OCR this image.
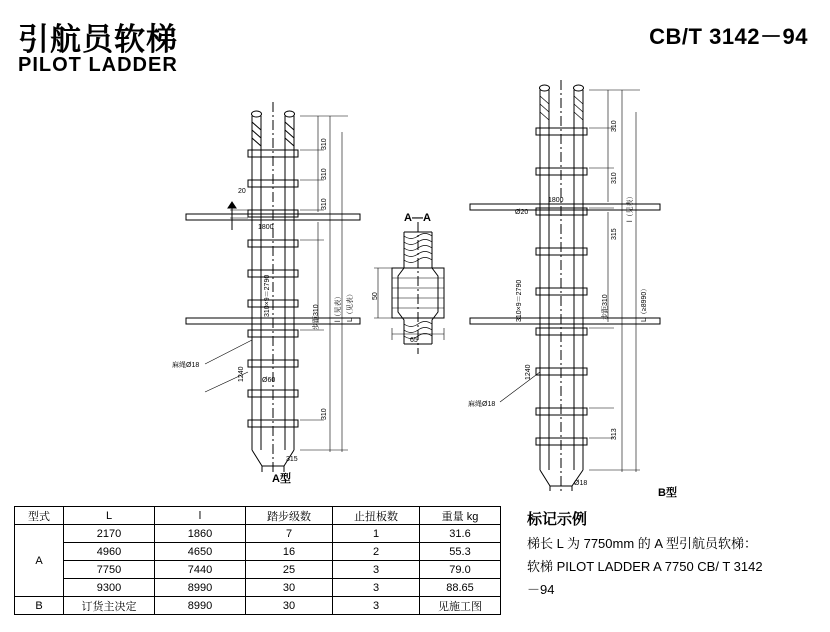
引航员软梯
PILOT LADDER
CB/T 3142－94
310
310
310
20
1800
310×9＝2790	l（见表） L（见表）
步距310
1240
310
315
Ø60
麻绳Ø18
A型
A—A
50
65
Ø20
310
310
1800
315
310×9＝2790	L（≥8990）
l（见表）
步距310
1240
313
麻绳Ø18
Ø18
B型
型式	L	l	踏步级数	止扭板数	重量 kg
A	2170	1860	7	1	31.6
	4960	4650	16	2	55.3
	7750	7440	25	3	79.0
	9300	8990	30	3	88.65
B	订货主决定	8990	30	3	见施工图
标记示例
梯长 L 为 7750mm 的 A 型引航员软梯：
软梯 PILOT LADDER A 7750 CB/ T 3142
－94
